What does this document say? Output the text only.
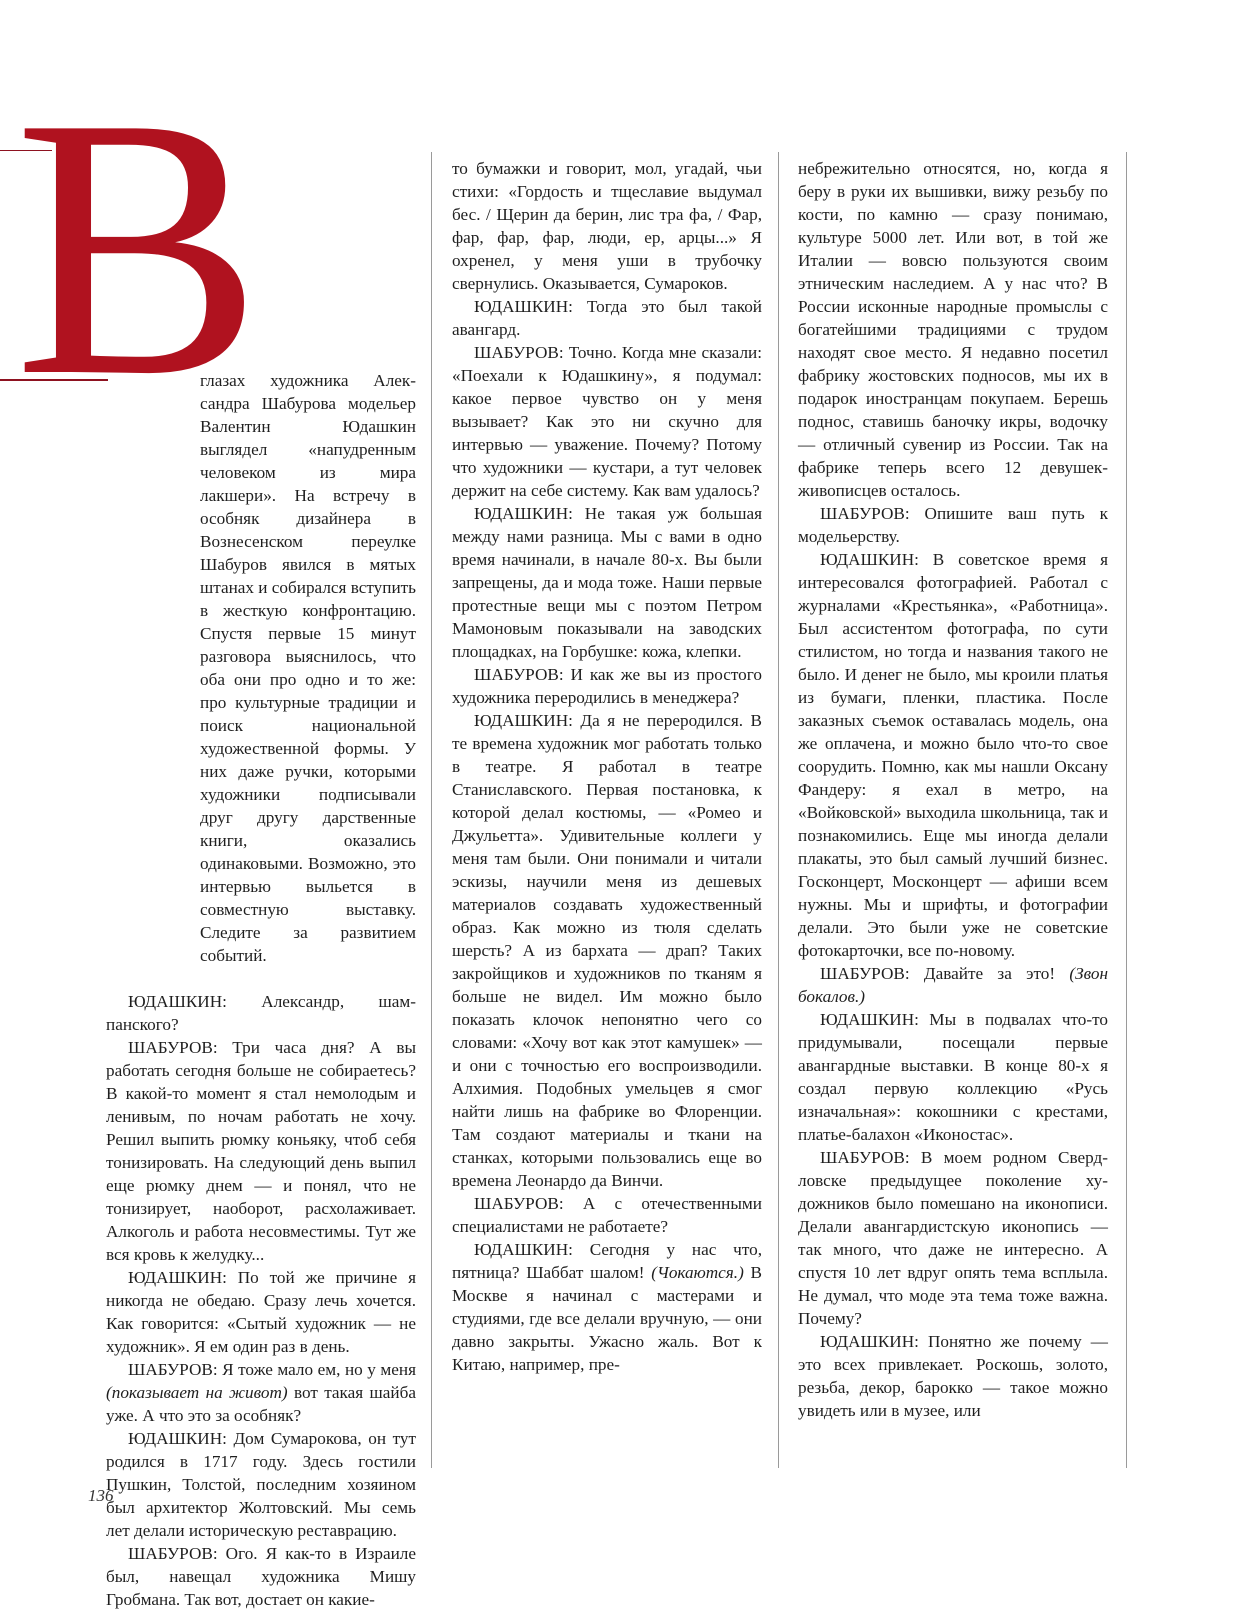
В

глазах художника Александра Шабурова модельер Валентин Юдашкин выглядел «напудренным человеком из мира лакшери». На встречу в особняк дизайнера в Вознесенском переулке Шабуров явился в мятых штанах и собирался вступить в жесткую конфронтацию. Спустя первые 15 минут разговора выяснилось, что оба они про одно и то же: про культурные традиции и поиск национальной художественной формы. У них даже ручки, которыми художники подписывали друг другу дарственные книги, оказались одинаковыми. Возможно, это интервью выльется в совместную выставку. Следите за развитием событий.

ЮДАШКИН: Александр, шампанского?

ШАБУРОВ: Три часа дня? А вы работать сегодня больше не собираетесь? В какой-то момент я стал немолодым и ленивым, по ночам работать не хочу. Решил выпить рюмку коньяку, чтоб себя тонизировать. На следующий день выпил еще рюмку днем — и понял, что не тонизирует, наоборот, расхолаживает. Алкоголь и работа несовместимы. Тут же вся кровь к желудку...

ЮДАШКИН: По той же причине я никогда не обедаю. Сразу лечь хочется. Как говорится: «Сытый художник — не художник». Я ем один раз в день.

ШАБУРОВ: Я тоже мало ем, но у меня (показывает на живот) вот такая шайба уже. А что это за особняк?

ЮДАШКИН: Дом Сумарокова, он тут родился в 1717 году. Здесь гостили Пушкин, Толстой, последним хозяином был архитектор Жолтовский. Мы семь лет делали историческую реставрацию.

ШАБУРОВ: Ого. Я как-то в Израиле был, навещал художника Мишу Гробмана. Так вот, достает он какие-

то бумажки и говорит, мол, угадай, чьи стихи: «Гордость и тщеславие выдумал бес. / Щерин да берин, лис тра фа, / Фар, фар, фар, фар, люди, ер, арцы...» Я охренел, у меня уши в трубочку свернулись. Оказывается, Сумароков.

ЮДАШКИН: Тогда это был такой авангард.

ШАБУРОВ: Точно. Когда мне сказали: «Поехали к Юдашкину», я подумал: какое первое чувство он у меня вызывает? Как это ни скучно для интервью — уважение. Почему? Потому что художники — кустари, а тут человек держит на себе систему. Как вам удалось?

ЮДАШКИН: Не такая уж большая между нами разница. Мы с вами в одно время начинали, в начале 80-х. Вы были запрещены, да и мода тоже. Наши первые протестные вещи мы с поэтом Петром Мамоновым показывали на заводских площадках, на Горбушке: кожа, клепки.

ШАБУРОВ: И как же вы из простого художника переродились в менеджера?

ЮДАШКИН: Да я не переродился. В те времена художник мог работать только в театре. Я работал в театре Станиславского. Первая постановка, к которой делал костюмы, — «Ромео и Джульетта». Удивительные коллеги у меня там были. Они понимали и читали эскизы, научили меня из дешевых материалов создавать художественный образ. Как можно из тюля сделать шерсть? А из бархата — драп? Таких закройщиков и художников по тканям я больше не видел. Им можно было показать клочок непонятно чего со словами: «Хочу вот как этот камушек» — и они с точностью его воспроизводили. Алхимия. Подобных умельцев я смог найти лишь на фабрике во Флоренции. Там создают материалы и ткани на станках, которыми пользовались еще во времена Леонардо да Винчи.

ШАБУРОВ: А с отечественными специалистами не работаете?

ЮДАШКИН: Сегодня у нас что, пятница? Шаббат шалом! (Чокаются.) В Москве я начинал с мастерами и студиями, где все делали вручную, — они давно закрыты. Ужасно жаль. Вот к Китаю, например, пре-

небрежительно относятся, но, когда я беру в руки их вышивки, вижу резьбу по кости, по камню — сразу понимаю, культуре 5000 лет. Или вот, в той же Италии — вовсю пользуются своим этническим наследием. А у нас что? В России исконные народные промыслы с богатейшими традициями с трудом находят свое место. Я недавно посетил фабрику жостовских подносов, мы их в подарок иностранцам покупаем. Берешь поднос, ставишь баночку икры, водочку — отличный сувенир из России. Так на фабрике теперь всего 12 девушек-живописцев осталось.

ШАБУРОВ: Опишите ваш путь к модельерству.

ЮДАШКИН: В советское время я интересовался фотографией. Работал с журналами «Крестьянка», «Работница». Был ассистентом фотографа, по сути стилистом, но тогда и названия такого не было. И денег не было, мы кроили платья из бумаги, пленки, пластика. После заказных съемок оставалась модель, она же оплачена, и можно было что-то свое соорудить. Помню, как мы нашли Оксану Фандеру: я ехал в метро, на «Войковской» выходила школьница, так и познакомились. Еще мы иногда делали плакаты, это был самый лучший бизнес. Госконцерт, Москонцерт — афиши всем нужны. Мы и шрифты, и фотографии делали. Это были уже не советские фотокарточки, все по-новому.

ШАБУРОВ: Давайте за это! (Звон бокалов.)

ЮДАШКИН: Мы в подвалах что-то придумывали, посещали первые авангардные выставки. В конце 80-х я создал первую коллекцию «Русь изначальная»: кокошники с крестами, платье-балахон «Иконостас».

ШАБУРОВ: В моем родном Свердловске предыдущее поколение художников было помешано на иконописи. Делали авангардистскую иконопись — так много, что даже не интересно. А спустя 10 лет вдруг опять тема всплыла. Не думал, что моде эта тема тоже важна. Почему?

ЮДАШКИН: Понятно же почему — это всех привлекает. Роскошь, золото, резьба, декор, барокко — такое можно увидеть или в музее, или

136
